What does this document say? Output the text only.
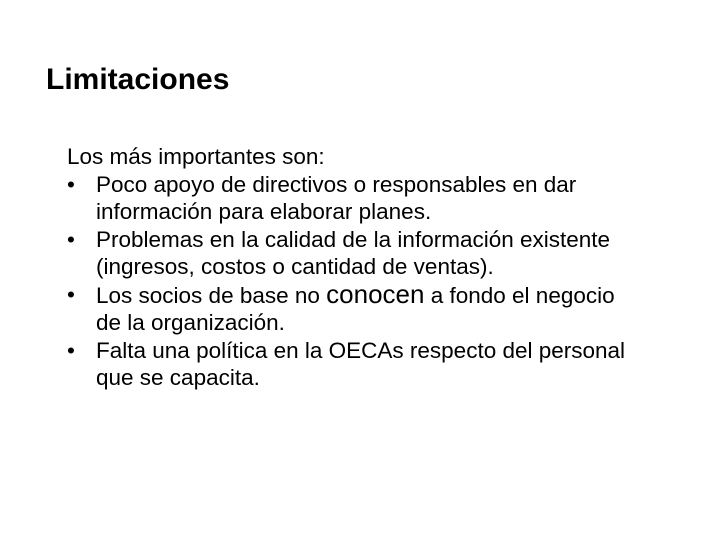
Limitaciones

Los más importantes son:

• Poco apoyo de directivos o responsables en dar información para elaborar planes.
• Problemas en la calidad de la información existente (ingresos, costos o cantidad de ventas).
• Los socios de base no conocen a fondo el negocio de la organización.
• Falta una política en la OECAs respecto del personal que se capacita.
